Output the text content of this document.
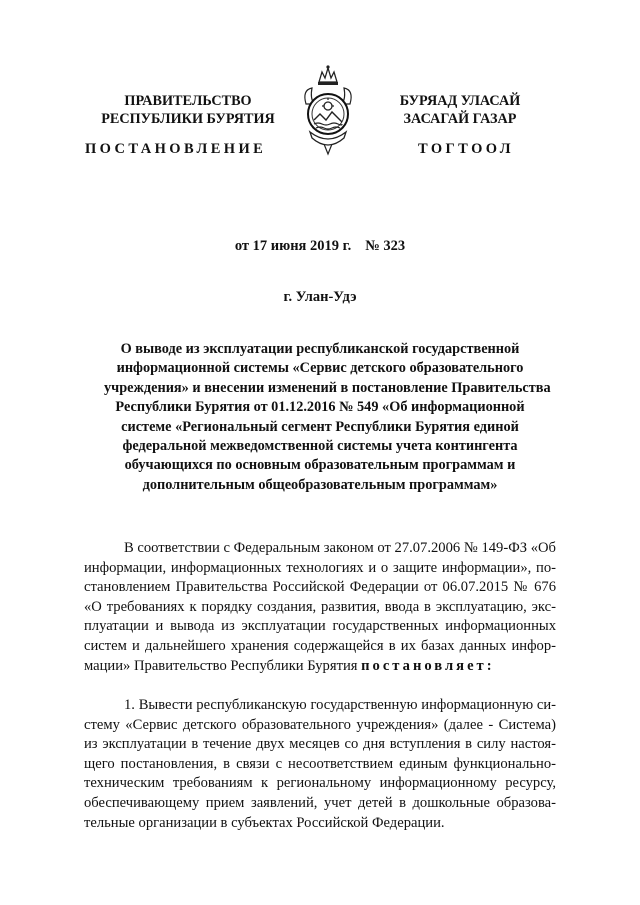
ПРАВИТЕЛЬСТВО
РЕСПУБЛИКИ БУРЯТИЯ
БУРЯАД УЛАСАЙ
ЗАСАГАЙ ГАЗАР
ПОСТАНОВЛЕНИЕ	ТОГТООЛ
от 17 июня 2019 г. № 323
г. Улан-Удэ
О выводе из эксплуатации республиканской государственной
информационной системы «Сервис детского образовательного
учреждения» и внесении изменений в постановление Правительства
Республики Бурятия от 01.12.2016 № 549 «Об информационной
системе «Региональный сегмент Республики Бурятия единой
федеральной межведомственной системы учета контингента
обучающихся по основным образовательным программам и
дополнительным общеобразовательным программам»
В соответствии с Федеральным законом от 27.07.2006 № 149-ФЗ «Об
информации, информационных технологиях и о защите информации», по-
становлением Правительства Российской Федерации от 06.07.2015 № 676
«О требованиях к порядку создания, развития, ввода в эксплуатацию, экс-
плуатации и вывода из эксплуатации государственных информационных
систем и дальнейшего хранения содержащейся в их базах данных инфор-
мации» Правительство Республики Бурятия постановляет:
1. Вывести республиканскую государственную информационную си-
стему «Сервис детского образовательного учреждения» (далее - Система)
из эксплуатации в течение двух месяцев со дня вступления в силу настоя-
щего постановления, в связи с несоответствием единым функционально-
техническим требованиям к региональному информационному ресурсу,
обеспечивающему прием заявлений, учет детей в дошкольные образова-
тельные организации в субъектах Российской Федерации.
